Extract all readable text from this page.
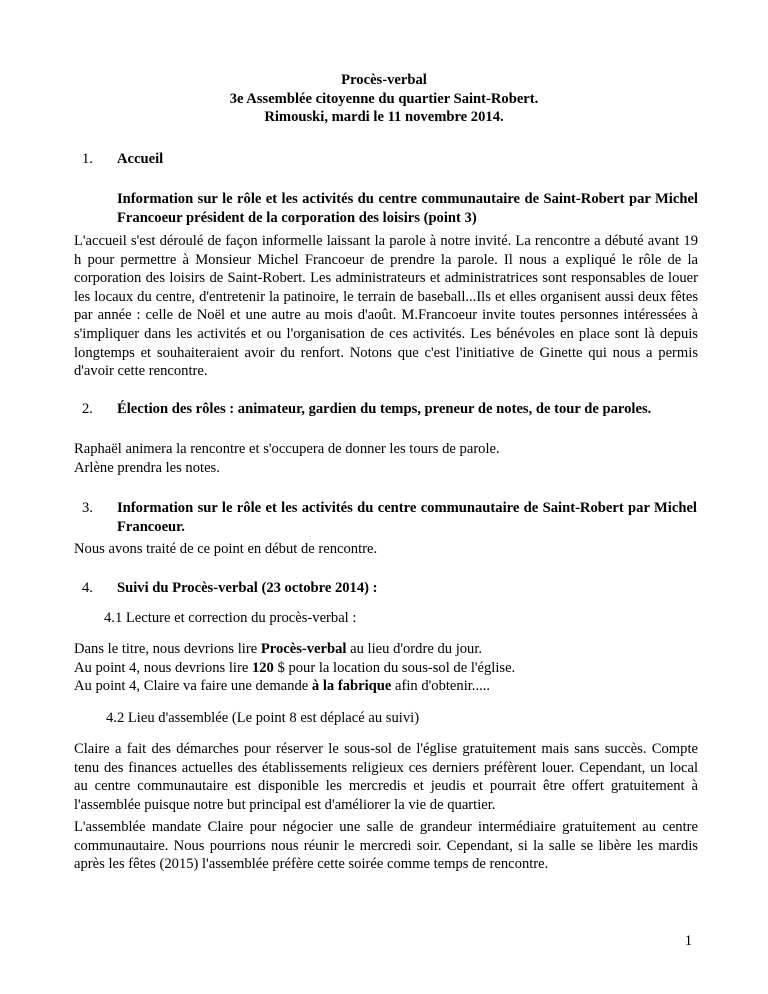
Procès-verbal
3e Assemblée citoyenne du quartier Saint-Robert.
Rimouski, mardi le 11 novembre 2014.
1. Accueil
Information sur le rôle et les activités du centre communautaire de Saint-Robert par Michel Francoeur président de la corporation des loisirs (point 3)
L'accueil s'est déroulé de façon informelle laissant la parole à notre invité. La rencontre a débuté avant 19 h pour permettre à Monsieur Michel Francoeur de prendre la parole. Il nous a expliqué le rôle de la corporation des loisirs de Saint-Robert. Les administrateurs et administratrices sont responsables de louer les locaux du centre, d'entretenir la patinoire, le terrain de baseball...Ils et elles organisent aussi deux fêtes par année : celle de Noël et une autre au mois d'août. M.Francoeur invite toutes personnes intéressées à s'impliquer dans les activités et ou l'organisation de ces activités. Les bénévoles en place sont là depuis longtemps et souhaiteraient avoir du renfort. Notons que c'est l'initiative de Ginette qui nous a permis d'avoir cette rencontre.
2. Élection des rôles : animateur, gardien du temps, preneur de notes, de tour de paroles.
Raphaël animera la rencontre et s'occupera de donner les tours de parole.
Arlène prendra les notes.
3. Information sur le rôle et les activités du centre communautaire de Saint-Robert par Michel Francoeur.
Nous avons traité de ce point en début de rencontre.
4. Suivi du Procès-verbal (23 octobre 2014) :
4.1 Lecture et correction du procès-verbal :
Dans le titre, nous devrions lire Procès-verbal au lieu d'ordre du jour.
Au point 4, nous devrions lire 120 $ pour la location du sous-sol de l'église.
Au point 4, Claire va faire une demande à la fabrique afin d'obtenir.....
4.2 Lieu d'assemblée (Le point 8 est déplacé au suivi)
Claire a fait des démarches pour réserver le sous-sol de l'église gratuitement mais sans succès. Compte tenu des finances actuelles des établissements religieux ces derniers préfèrent louer. Cependant, un local au centre communautaire est disponible les mercredis et jeudis et pourrait être offert gratuitement à l'assemblée puisque notre but principal est d'améliorer la vie de quartier.
L'assemblée mandate Claire pour négocier une salle de grandeur intermédiaire gratuitement au centre communautaire. Nous pourrions nous réunir le mercredi soir. Cependant, si la salle se libère les mardis après les fêtes (2015) l'assemblée préfère cette soirée comme temps de rencontre.
1
